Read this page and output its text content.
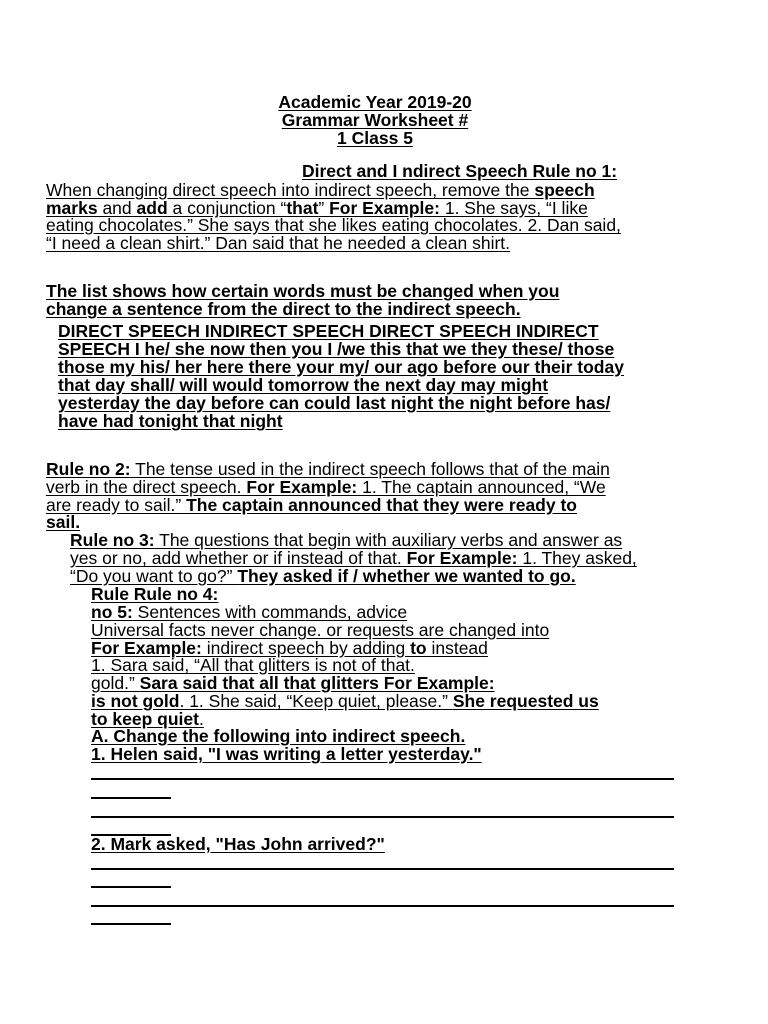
Academic Year 2019-20
Grammar Worksheet #
1 Class 5
Direct and I ndirect Speech Rule no 1:
When changing direct speech into indirect speech, remove the speech
marks and add a conjunction “that” For Example: 1. She says, “I like
eating chocolates.” She says that she likes eating chocolates. 2. Dan said,
“I need a clean shirt.” Dan said that he needed a clean shirt.
The list shows how certain words must be changed when you
change a sentence from the direct to the indirect speech.
DIRECT SPEECH INDIRECT SPEECH DIRECT SPEECH INDIRECT
SPEECH I he/ she now then you I /we this that we they these/ those
those my his/ her here there your my/ our ago before our their today
that day shall/ will would tomorrow the next day may might
yesterday the day before can could last night the night before has/
have had tonight that night
Rule no 2: The tense used in the indirect speech follows that of the main
verb in the direct speech. For Example: 1. The captain announced, “We
are ready to sail.” The captain announced that they were ready to
sail.
Rule no 3: The questions that begin with auxiliary verbs and answer as
yes or no, add whether or if instead of that. For Example: 1. They asked,
“Do you want to go?” They asked if / whether we wanted to go.
Rule Rule no 4:
no 5: Sentences with commands, advice
Universal facts never change. or requests are changed into
For Example: indirect speech by adding to instead
1. Sara said, “All that glitters is not of that.
gold.” Sara said that all that glitters For Example:
is not gold. 1. She said, “Keep quiet, please.” She requested us
to keep quiet.
A. Change the following into indirect speech.
1. Helen said, "I was writing a letter yesterday."
2. Mark asked, "Has John arrived?"
